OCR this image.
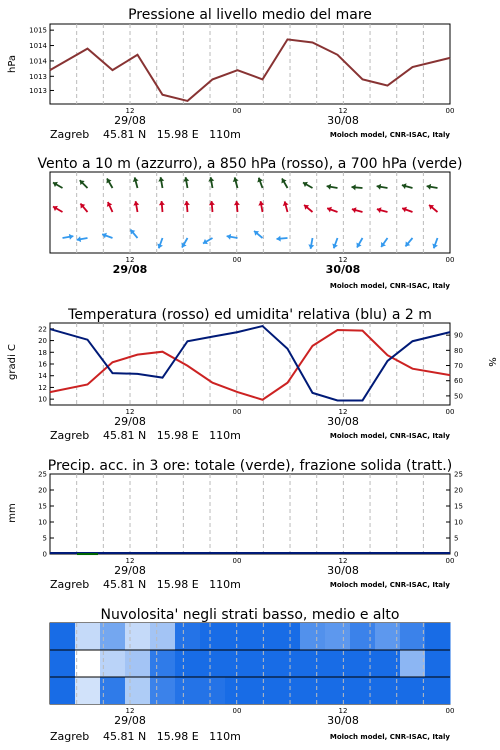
Pressione al livello medio del mare
Vento a 10 m (azzurro), a 850 hPa (rosso), a 700 hPa (verde)
Temperatura (rosso) ed umidita' relativa (blu) a 2 m
Precip. acc. in 3 ore: totale (verde), frazione solida (tratt.)
Nuvolosita' negli strati basso, medio e alto
hPa
gradi C	%
mm
Zagreb 45.81 N   15.98 E   110m	Moloch model, CNR-ISAC, Italy
Zagreb 45.81 N   15.98 E   110m	Moloch model, CNR-ISAC, Italy
Zagreb 45.81 N   15.98 E   110m	Moloch model, CNR-ISAC, Italy
Zagreb 45.81 N   15.98 E   110m	Moloch model, CNR-ISAC, Italy
Moloch model, CNR-ISAC, Italy
12	00	12	00
29/08	30/08
12	00	12	00
29/08	30/08
12	00	12	00
29/08	30/08
12	00	12	00
29/08	30/08
12	00	12	00
29/08	30/08
1013
1013
1014
1014
1015
10
12
14
16
18
20
22
50
60
70
80
90
0	0
5	5
10	10
15	15
20	20
25	25
